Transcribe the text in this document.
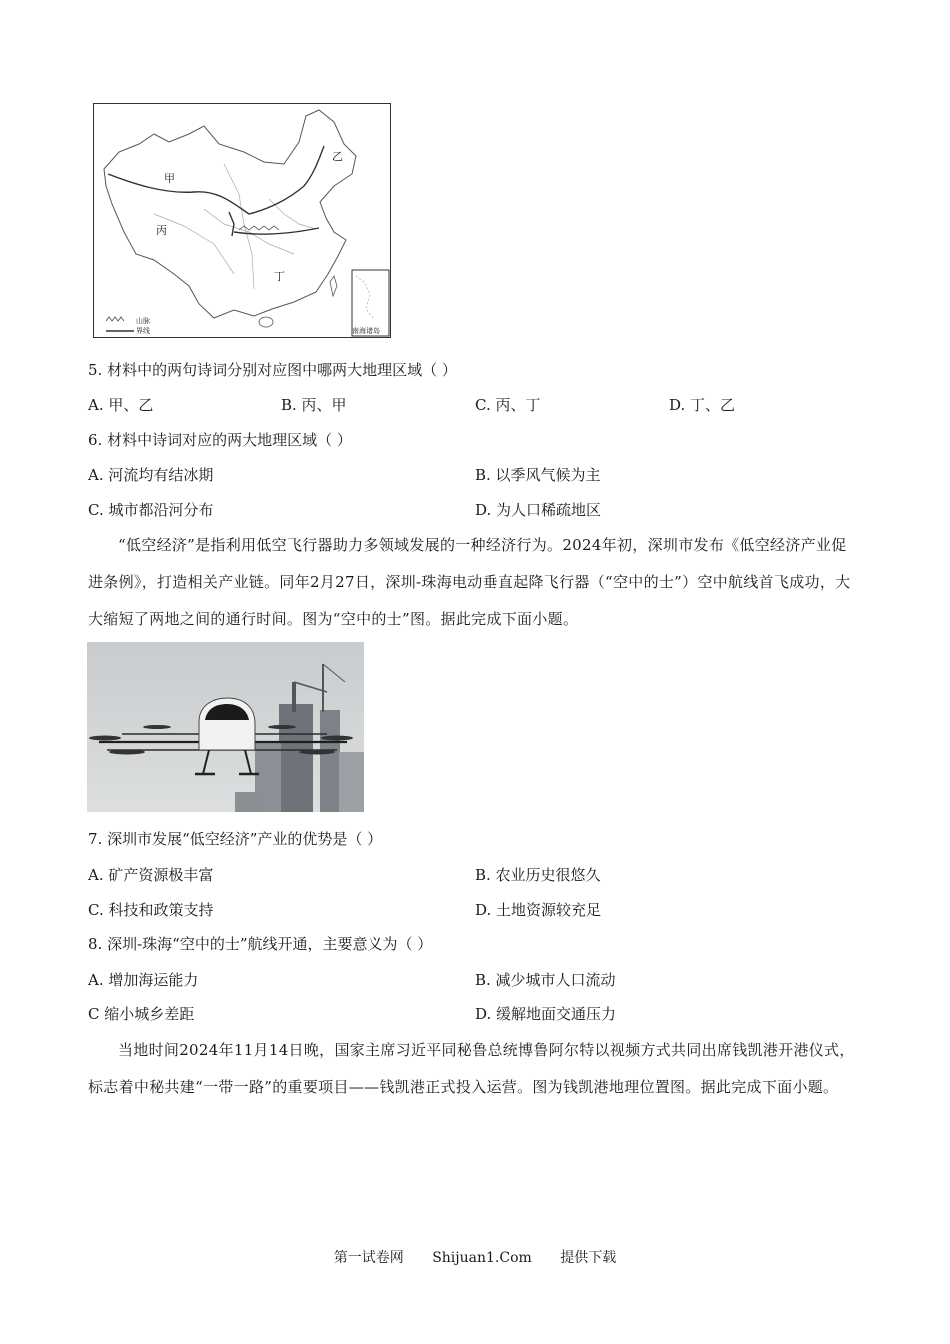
甲
乙
丙
丁
山脉
界线	南海诸岛
5. 材料中的两句诗词分别对应图中哪两大地理区域（ ）
A. 甲、乙	B. 丙、甲	C. 丙、丁	D. 丁、乙
6. 材料中诗词对应的两大地理区域（ ）
A. 河流均有结冰期	B. 以季风气候为主
C. 城市都沿河分布	D. 为人口稀疏地区
“低空经济”是指利用低空飞行器助力多领域发展的一种经济行为。2024年初，深圳市发布《低空经济产业促进条例》，打造相关产业链。同年2月27日，深圳-珠海电动垂直起降飞行器（“空中的士”）空中航线首飞成功，大大缩短了两地之间的通行时间。图为“空中的士”图。据此完成下面小题。
7. 深圳市发展“低空经济”产业的优势是（ ）
A. 矿产资源极丰富	B. 农业历史很悠久
C. 科技和政策支持	D. 土地资源较充足
8. 深圳-珠海“空中的士”航线开通，主要意义为（ ）
A. 增加海运能力	B. 减少城市人口流动
C 缩小城乡差距	D. 缓解地面交通压力
当地时间2024年11月14日晚，国家主席习近平同秘鲁总统博鲁阿尔特以视频方式共同出席钱凯港开港仪式，标志着中秘共建“一带一路”的重要项目——钱凯港正式投入运营。图为钱凯港地理位置图。据此完成下面小题。
第一试卷网 Shijuan1.Com 提供下载
